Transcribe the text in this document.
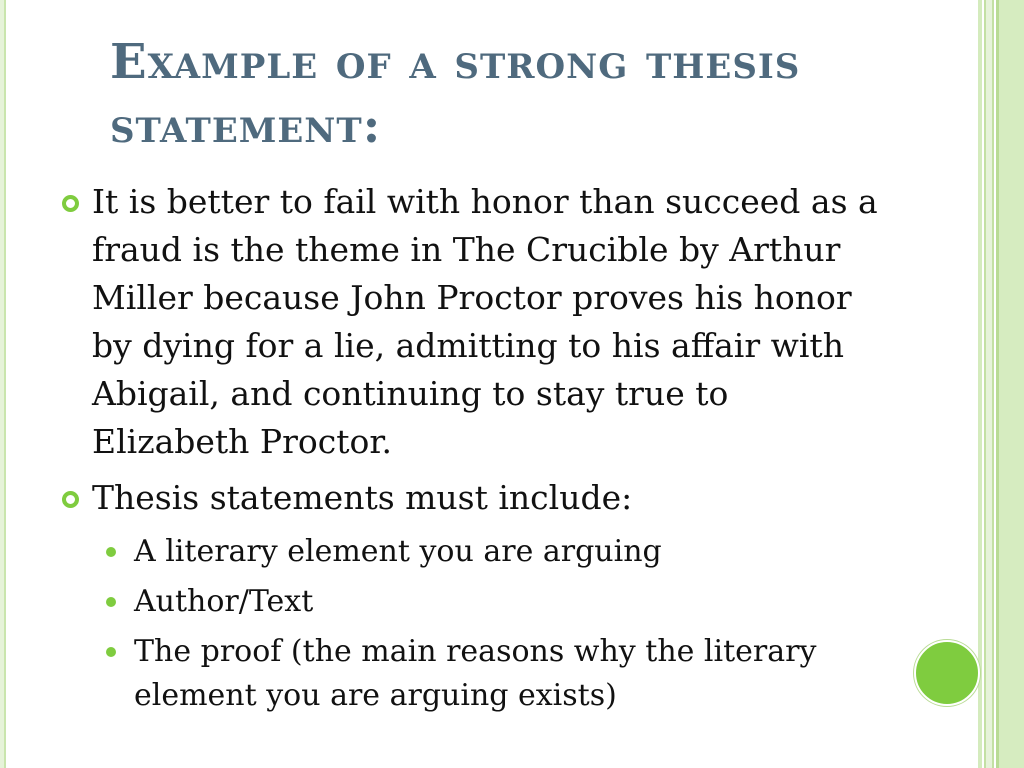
Example of a strong thesis statement:
It is better to fail with honor than succeed as a fraud is the theme in The Crucible by Arthur Miller because John Proctor proves his honor by dying for a lie, admitting to his affair with Abigail, and continuing to stay true to Elizabeth Proctor.
Thesis statements must include:
A literary element you are arguing
Author/Text
The proof (the main reasons why the literary element you are arguing exists)
